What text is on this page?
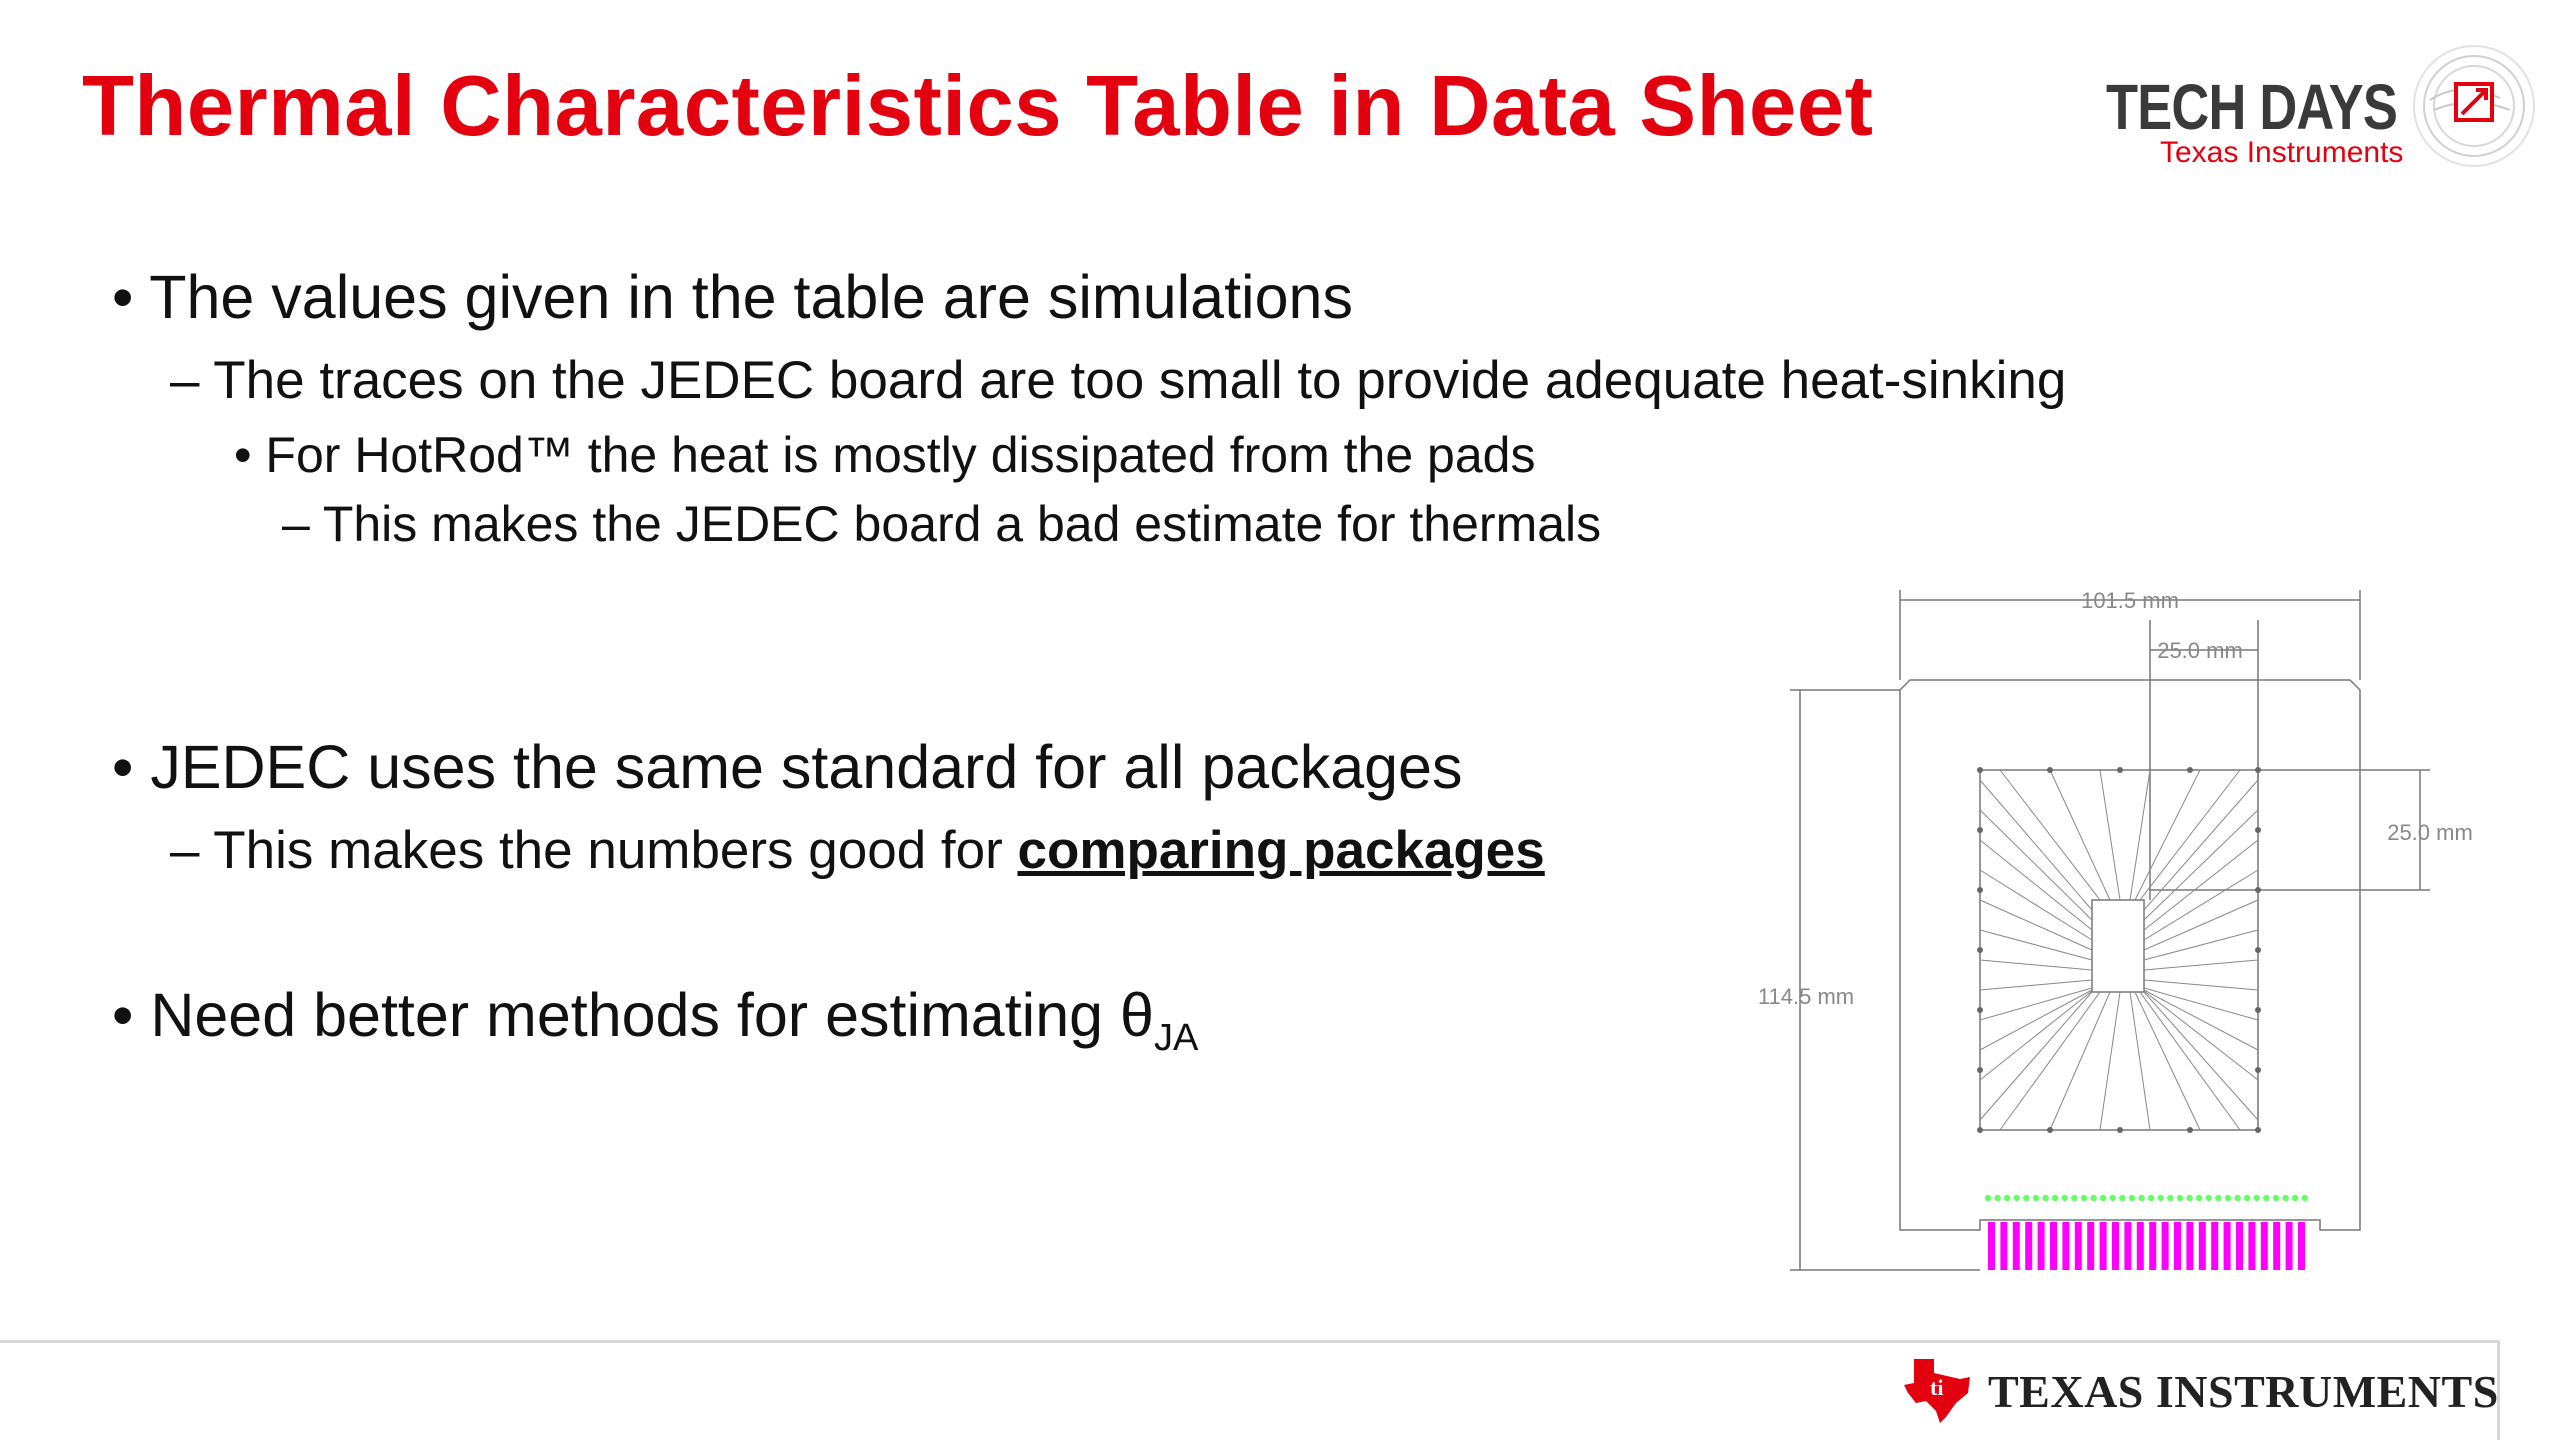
Thermal Characteristics Table in Data Sheet	TECH DAYS
Texas Instruments
• The values given in the table are simulations
– The traces on the JEDEC board are too small to provide adequate heat-sinking
• For HotRod™ the heat is mostly dissipated from the pads
– This makes the JEDEC board a bad estimate for thermals
• JEDEC uses the same standard for all packages
– This makes the numbers good for comparing packages
• Need better methods for estimating $\theta_{JA}$
101.5 mm
25.0 mm
25.0 mm
114.5 mm
ti TEXAS INSTRUMENTS
